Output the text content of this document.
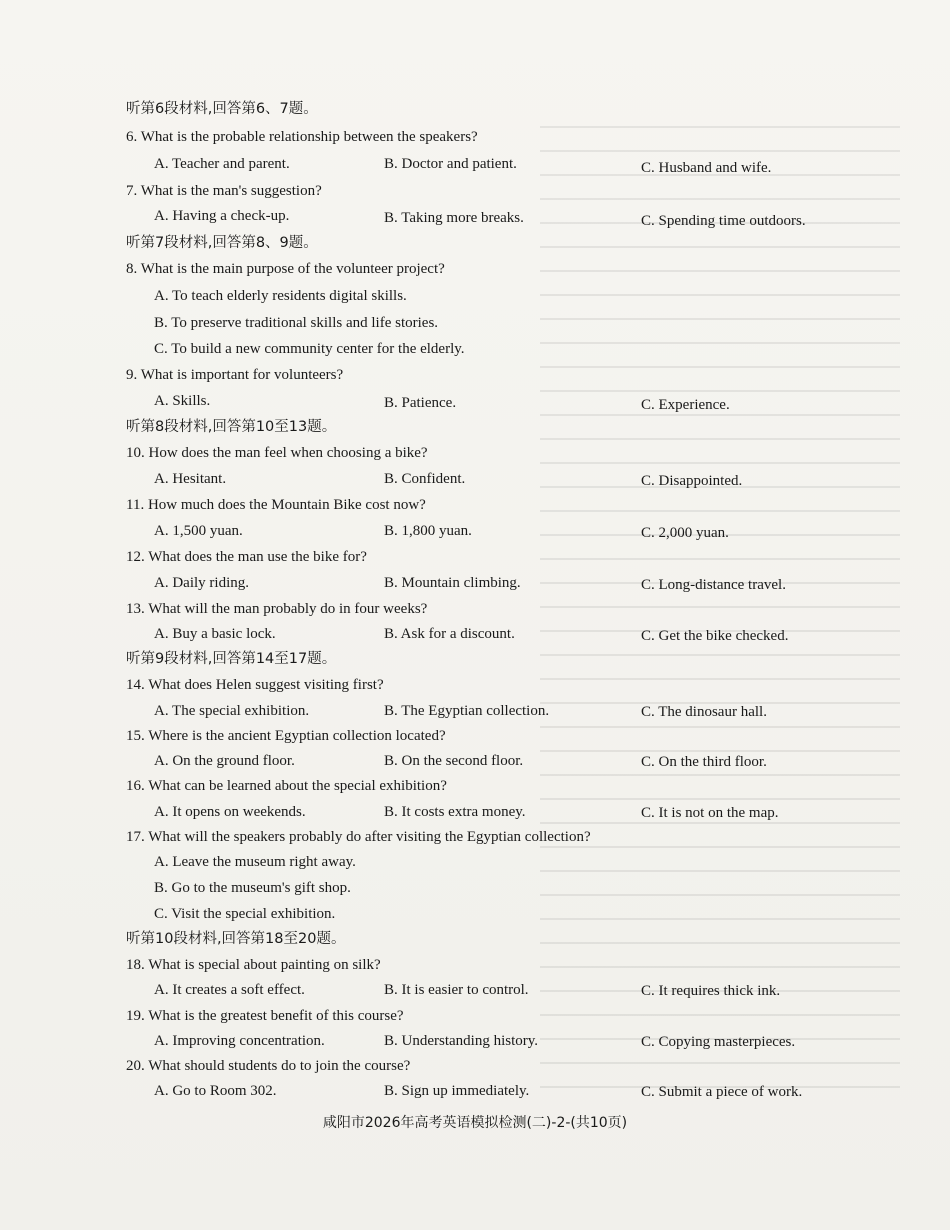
听第6段材料,回答第6、7题。
6. What is the probable relationship between the speakers?
A. Teacher and parent.	B. Doctor and patient.	C. Husband and wife.
7. What is the man's suggestion?
A. Having a check-up.	B. Taking more breaks.	C. Spending time outdoors.
听第7段材料,回答第8、9题。
8. What is the main purpose of the volunteer project?
A. To teach elderly residents digital skills.
B. To preserve traditional skills and life stories.
C. To build a new community center for the elderly.
9. What is important for volunteers?
A. Skills.	B. Patience.	C. Experience.
听第8段材料,回答第10至13题。
10. How does the man feel when choosing a bike?
A. Hesitant.	B. Confident.	C. Disappointed.
11. How much does the Mountain Bike cost now?
A. 1,500 yuan.	B. 1,800 yuan.	C. 2,000 yuan.
12. What does the man use the bike for?
A. Daily riding.	B. Mountain climbing.	C. Long-distance travel.
13. What will the man probably do in four weeks?
A. Buy a basic lock.	B. Ask for a discount.	C. Get the bike checked.
听第9段材料,回答第14至17题。
14. What does Helen suggest visiting first?
A. The special exhibition.	B. The Egyptian collection.	C. The dinosaur hall.
15. Where is the ancient Egyptian collection located?
A. On the ground floor.	B. On the second floor.	C. On the third floor.
16. What can be learned about the special exhibition?
A. It opens on weekends.	B. It costs extra money.	C. It is not on the map.
17. What will the speakers probably do after visiting the Egyptian collection?
A. Leave the museum right away.
B. Go to the museum's gift shop.
C. Visit the special exhibition.
听第10段材料,回答第18至20题。
18. What is special about painting on silk?
A. It creates a soft effect.	B. It is easier to control.	C. It requires thick ink.
19. What is the greatest benefit of this course?
A. Improving concentration.	B. Understanding history.	C. Copying masterpieces.
20. What should students do to join the course?
A. Go to Room 302.	B. Sign up immediately.	C. Submit a piece of work.
咸阳市2026年高考英语模拟检测(二)-2-(共10页)
